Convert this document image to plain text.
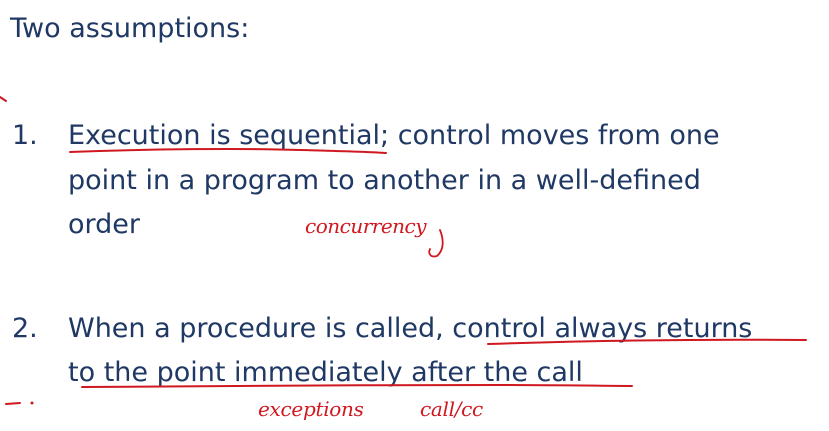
Two assumptions:
1. Execution is sequential; control moves from one
point in a program to another in a well-defined
order
2. When a procedure is called, control always returns
to the point immediately after the call
concurrency
exceptions	call/cc
